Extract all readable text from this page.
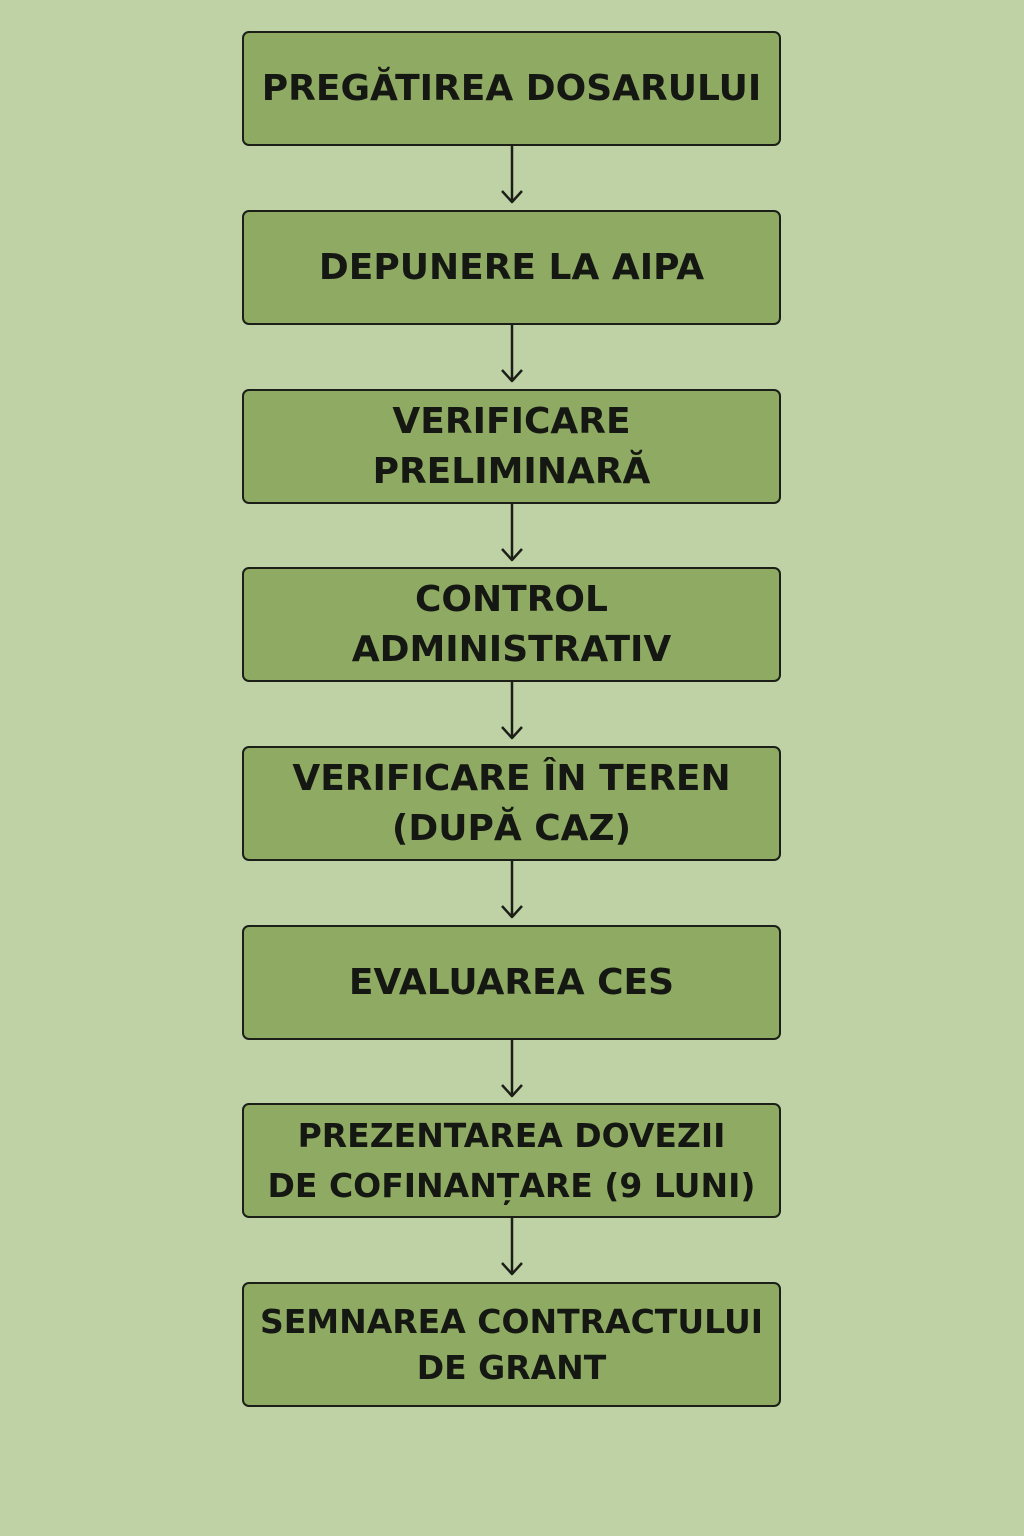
PREGĂTIREA DOSARULUI
DEPUNERE LA AIPA
VERIFICARE PRELIMINARĂ
CONTROL ADMINISTRATIV
VERIFICARE ÎN TEREN
(DUPĂ CAZ)
EVALUAREA CES
PREZENTAREA DOVEZII
DE COFINANȚARE (9 LUNI)
SEMNAREA CONTRACTULUI
DE GRANT
